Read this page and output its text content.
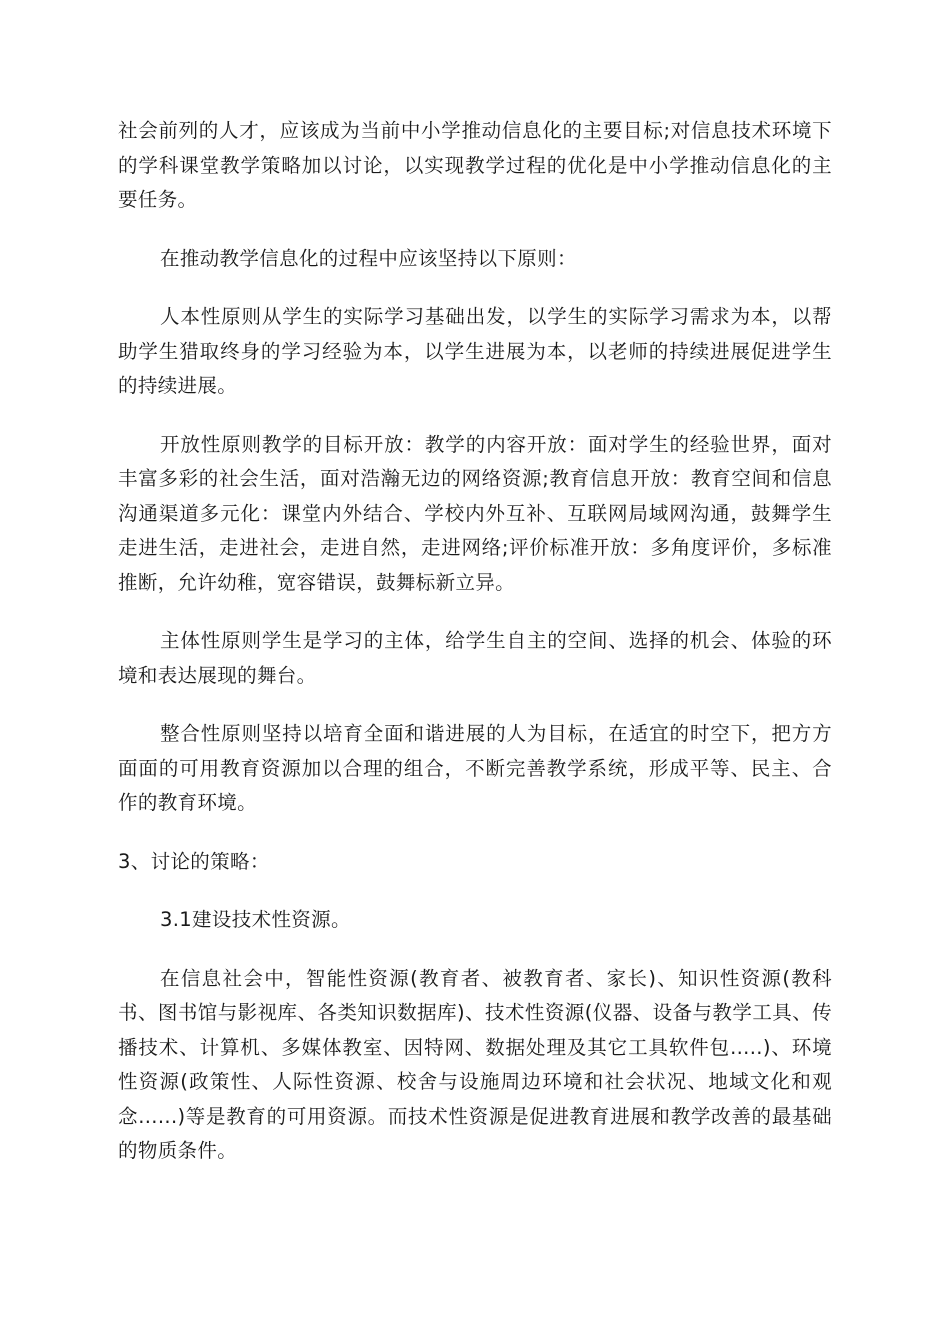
社会前列的人才，应该成为当前中小学推动信息化的主要目标;对信息技术环境下的学科课堂教学策略加以讨论，以实现教学过程的优化是中小学推动信息化的主要任务。

在推动教学信息化的过程中应该坚持以下原则：

人本性原则从学生的实际学习基础出发，以学生的实际学习需求为本，以帮助学生猎取终身的学习经验为本，以学生进展为本，以老师的持续进展促进学生的持续进展。

开放性原则教学的目标开放：教学的内容开放：面对学生的经验世界，面对丰富多彩的社会生活，面对浩瀚无边的网络资源;教育信息开放：教育空间和信息沟通渠道多元化：课堂内外结合、学校内外互补、互联网局域网沟通，鼓舞学生走进生活，走进社会，走进自然，走进网络;评价标准开放：多角度评价，多标准推断，允许幼稚，宽容错误，鼓舞标新立异。

主体性原则学生是学习的主体，给学生自主的空间、选择的机会、体验的环境和表达展现的舞台。

整合性原则坚持以培育全面和谐进展的人为目标，在适宜的时空下，把方方面面的可用教育资源加以合理的组合，不断完善教学系统，形成平等、民主、合作的教育环境。

3、讨论的策略：

3.1建设技术性资源。

在信息社会中，智能性资源(教育者、被教育者、家长)、知识性资源(教科书、图书馆与影视库、各类知识数据库)、技术性资源(仪器、设备与教学工具、传播技术、计算机、多媒体教室、因特网、数据处理及其它工具软件包.....)、环境性资源(政策性、人际性资源、校舍与设施周边环境和社会状况、地域文化和观念......)等是教育的可用资源。而技术性资源是促进教育进展和教学改善的最基础的物质条件。
